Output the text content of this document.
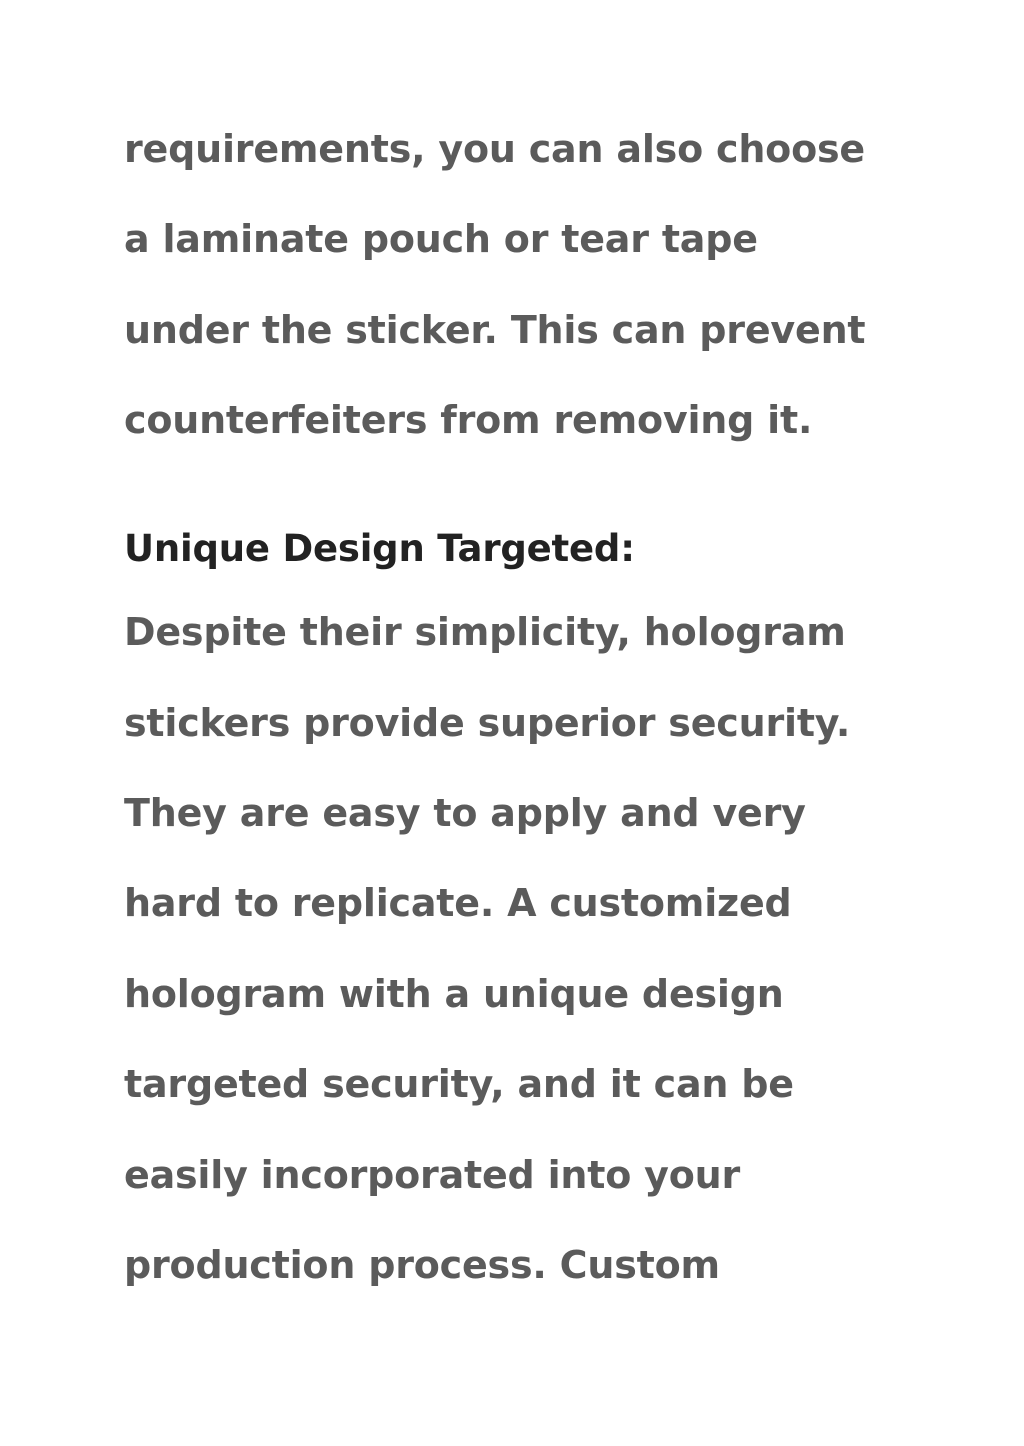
requirements, you can also choose

a laminate pouch or tear tape

under the sticker. This can prevent

counterfeiters from removing it.

Unique Design Targeted:

Despite their simplicity, hologram

stickers provide superior security.

They are easy to apply and very

hard to replicate. A customized

hologram with a unique design

targeted security, and it can be

easily incorporated into your

production process. Custom
